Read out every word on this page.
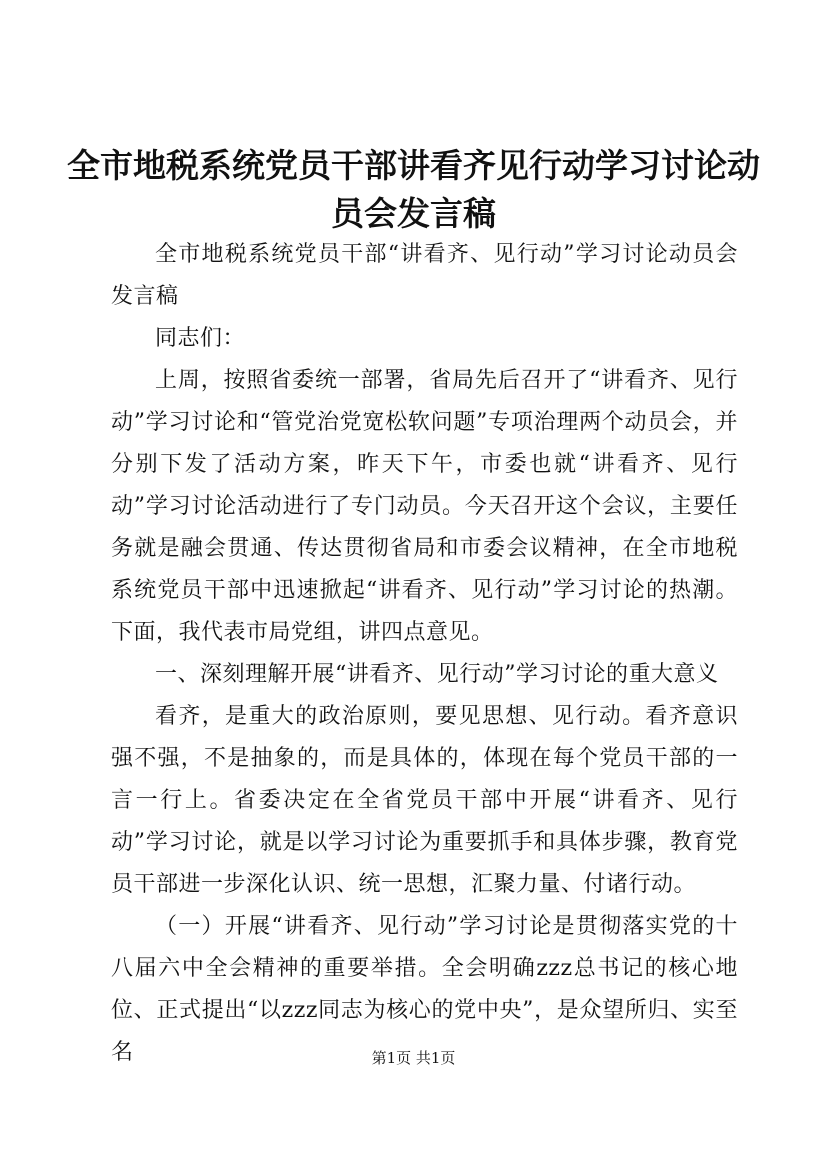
全市地税系统党员干部讲看齐见行动学习讨论动员会发言稿

全市地税系统党员干部“讲看齐、见行动”学习讨论动员会发言稿

同志们：

上周，按照省委统一部署，省局先后召开了“讲看齐、见行动”学习讨论和“管党治党宽松软问题”专项治理两个动员会，并分别下发了活动方案，昨天下午，市委也就“讲看齐、见行动”学习讨论活动进行了专门动员。今天召开这个会议，主要任务就是融会贯通、传达贯彻省局和市委会议精神，在全市地税系统党员干部中迅速掀起“讲看齐、见行动”学习讨论的热潮。下面，我代表市局党组，讲四点意见。

一、深刻理解开展“讲看齐、见行动”学习讨论的重大意义

看齐，是重大的政治原则，要见思想、见行动。看齐意识强不强，不是抽象的，而是具体的，体现在每个党员干部的一言一行上。省委决定在全省党员干部中开展“讲看齐、见行动”学习讨论，就是以学习讨论为重要抓手和具体步骤，教育党员干部进一步深化认识、统一思想，汇聚力量、付诸行动。

（一）开展“讲看齐、见行动”学习讨论是贯彻落实党的十八届六中全会精神的重要举措。全会明确zzz总书记的核心地位、正式提出“以zzz同志为核心的党中央”，是众望所归、实至名	第1页 共1页
